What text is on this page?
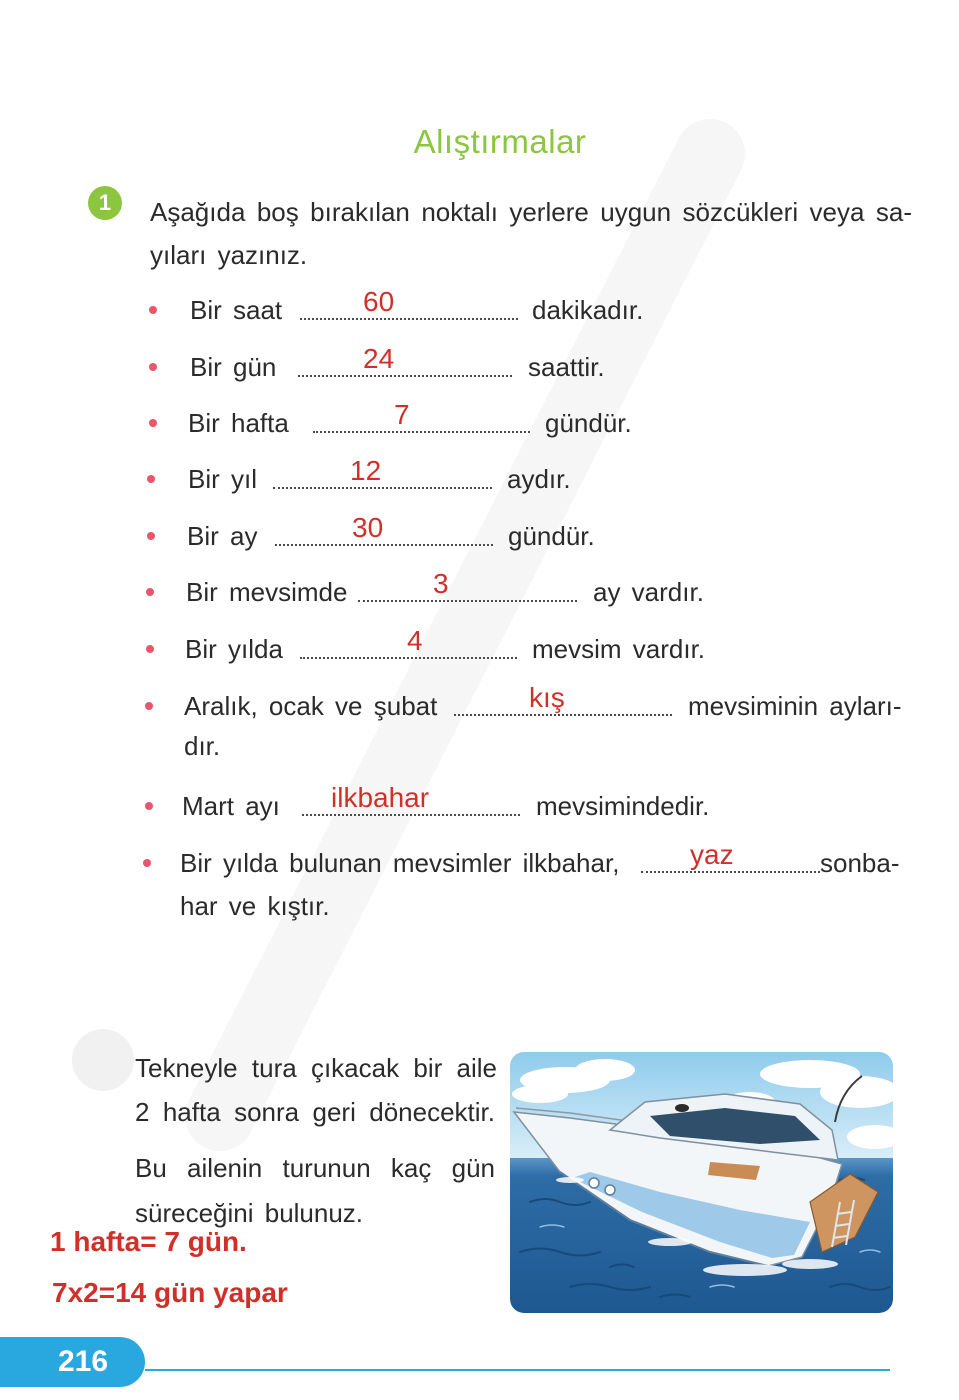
Alıştırmalar
1	Aşağıda boş bırakılan noktalı yerlere uygun sözcükleri veya sa-
yıları yazınız.
Bir saat	60	dakikadır.
Bir gün	24	saattir.
Bir hafta	7	gündür.
Bir yıl	12	aydır.
Bir ay	30	gündür.
Bir mevsimde	3	ay vardır.
Bir yılda	4	mevsim vardır.
Aralık, ocak ve şubat	kış	mevsiminin ayları-
dır.
Mart ayı ilkbahar	mevsimindedir.
Bir yılda bulunan mevsimler ilkbahar,	yaz	sonba-
har ve kıştır.
Tekneyle tura çıkacak bir aile
2 hafta sonra geri dönecektir.
Bu ailenin turunun kaç gün
süreceğini bulunuz.
1 hafta= 7 gün.
7x2=14 gün yapar
216
